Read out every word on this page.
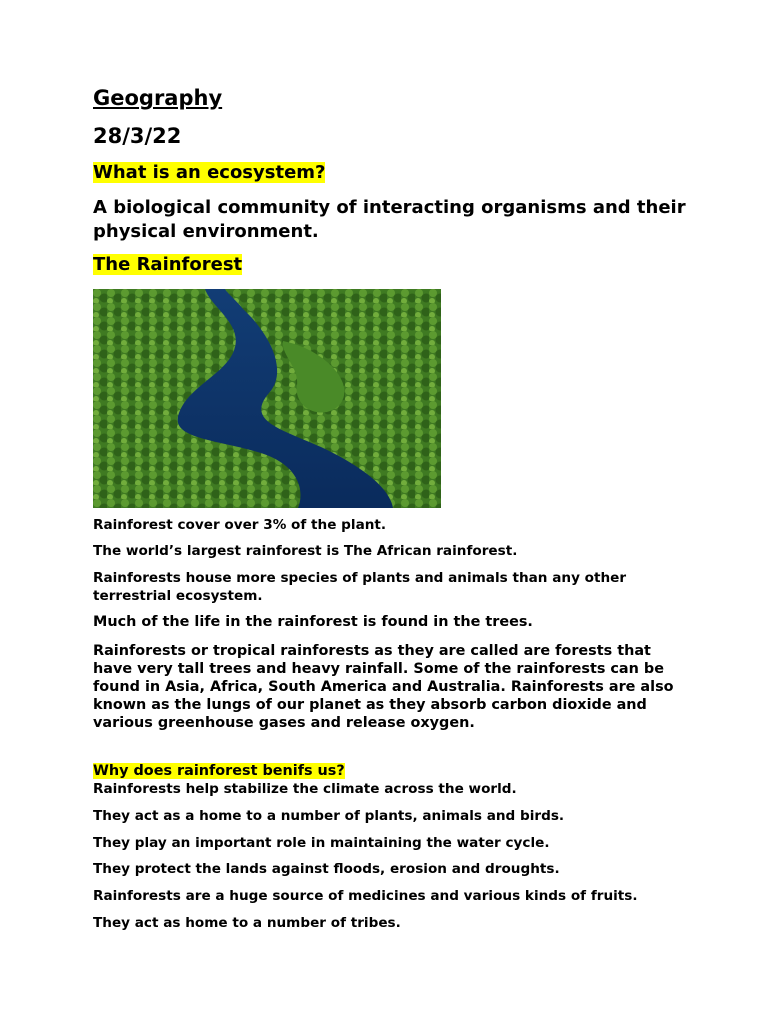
Geography
28/3/22
What is an ecosystem?
A biological community of interacting organisms and their physical environment.
The Rainforest
Rainforest cover over 3% of the plant.
The world’s largest rainforest is The African rainforest.
Rainforests house more species of plants and animals than any other terrestrial ecosystem.
Much of the life in the rainforest is found in the trees.
Rainforests or tropical rainforests as they are called are forests that have very tall trees and heavy rainfall. Some of the rainforests can be found in Asia, Africa, South America and Australia. Rainforests are also known as the lungs of our planet as they absorb carbon dioxide and various greenhouse gases and release oxygen.
Why does rainforest benifs us?
Rainforests help stabilize the climate across the world.
They act as a home to a number of plants, animals and birds.
They play an important role in maintaining the water cycle.
They protect the lands against floods, erosion and droughts.
Rainforests are a huge source of medicines and various kinds of fruits.
They act as home to a number of tribes.
